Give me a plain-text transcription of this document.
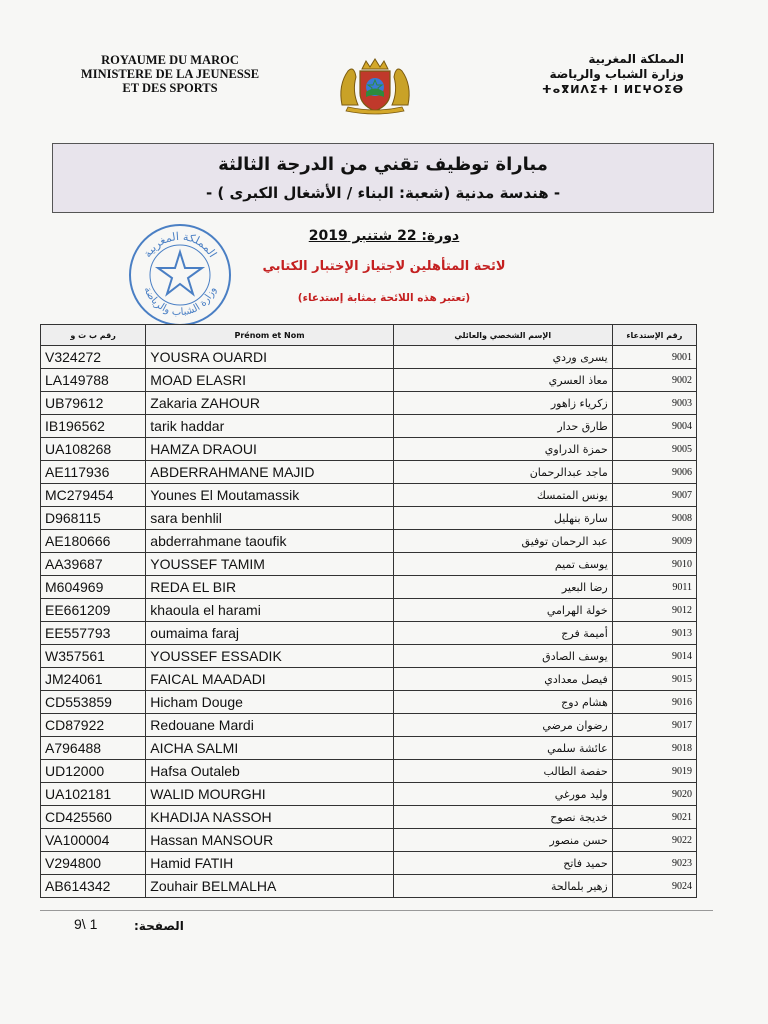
ROYAUME DU MAROC
MINISTERE DE LA JEUNESSE
ET DES SPORTS
المملكة المغربية
وزارة الشباب والرياضة
ⵜⴰⴳⵍⴷⵉⵜ ⵏ ⵍⵎⵖⵔⵉⴱ
مباراة توظيف تقني من الدرجة الثالثة
- هندسة مدنية (شعبة: البناء / الأشغال الكبرى ) -
المملكة المغربية
وزارة الشباب والرياضة
دورة: 22 شتنبر 2019
لائحة المتأهلين لاجتياز الإختبار الكتابي
(تعتبر هذه اللائحة بمثابة إستدعاء)
رقم ب ت و	Prénom et Nom	الإسم الشخصي والعائلي	رقم الإستدعاء
V324272	YOUSRA OUARDI	يسرى وردي	9001
LA149788	MOAD ELASRI	معاذ العسري	9002
UB79612	Zakaria ZAHOUR	زكرياء زاهور	9003
IB196562	tarik haddar	طارق حدار	9004
UA108268	HAMZA DRAOUI	حمزة الدراوي	9005
AE117936	ABDERRAHMANE MAJID	ماجد عبدالرحمان	9006
MC279454	Younes El Moutamassik	يونس المتمسك	9007
D968115	sara benhlil	سارة بنهليل	9008
AE180666	abderrahmane taoufik	عبد الرحمان توفيق	9009
AA39687	YOUSSEF TAMIM	يوسف تميم	9010
M604969	REDA EL BIR	رضا البعير	9011
EE661209	khaoula el harami	خولة الهرامي	9012
EE557793	oumaima faraj	أميمة فرج	9013
W357561	YOUSSEF ESSADIK	يوسف الصادق	9014
JM24061	FAICAL MAADADI	فيصل معدادي	9015
CD553859	Hicham Douge	هشام دوج	9016
CD87922	Redouane Mardi	رضوان مرضي	9017
A796488	AICHA SALMI	عائشة سلمي	9018
UD12000	Hafsa Outaleb	حفصة الطالب	9019
UA102181	WALID MOURGHI	وليد مورغي	9020
CD425560	KHADIJA NASSOH	خديجة نصوح	9021
VA100004	Hassan MANSOUR	حسن منصور	9022
V294800	Hamid FATIH	حميد فاتح	9023
AB614342	Zouhair BELMALHA	زهير بلمالحة	9024
9\ 1	الصفحة:
